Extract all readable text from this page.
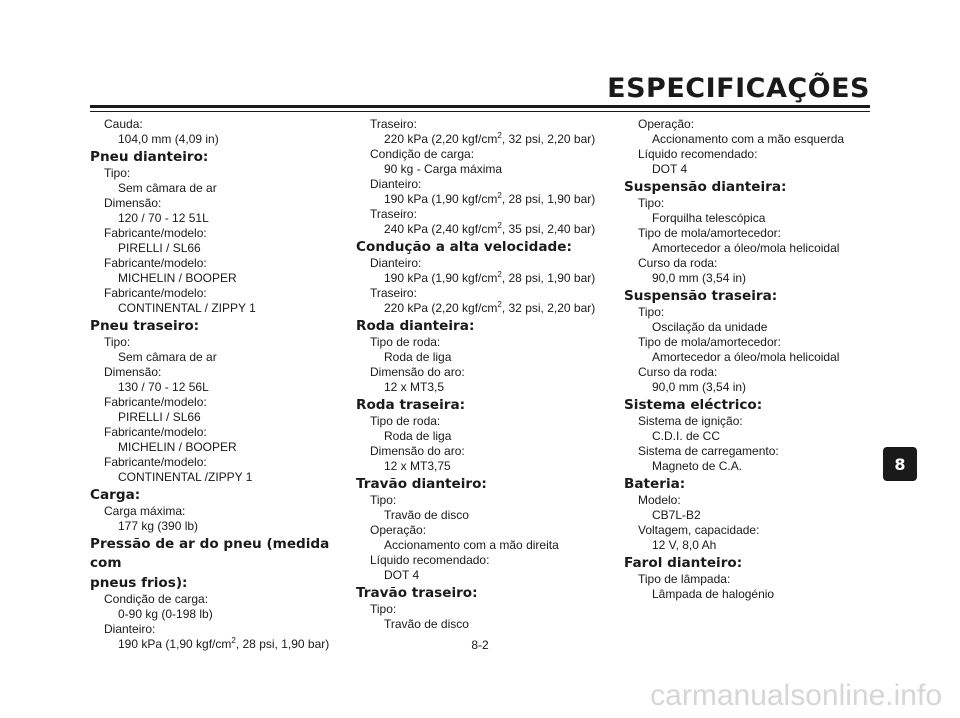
ESPECIFICAÇÕES
Cauda:
104,0 mm (4,09 in)
Pneu dianteiro:
Tipo:
Sem câmara de ar
Dimensão:
120 / 70 - 12 51L
Fabricante/modelo:
PIRELLI / SL66
Fabricante/modelo:
MICHELIN / BOOPER
Fabricante/modelo:
CONTINENTAL / ZIPPY 1
Pneu traseiro:
Tipo:
Sem câmara de ar
Dimensão:
130 / 70 - 12 56L
Fabricante/modelo:
PIRELLI / SL66
Fabricante/modelo:
MICHELIN / BOOPER
Fabricante/modelo:
CONTINENTAL /ZIPPY 1
Carga:
Carga máxima:
177 kg (390 lb)
Pressão de ar do pneu (medida com
pneus frios):
Condição de carga:
0-90 kg (0-198 lb)
Dianteiro:
190 kPa (1,90 kgf/$cm^2$, 28 psi, 1,90 bar)
Traseiro:
220 kPa (2,20 kgf/$cm^2$, 32 psi, 2,20 bar)
Condição de carga:
90 kg - Carga máxima
Dianteiro:
190 kPa (1,90 kgf/$cm^2$, 28 psi, 1,90 bar)
Traseiro:
240 kPa (2,40 kgf/$cm^2$, 35 psi, 2,40 bar)
Condução a alta velocidade:
Dianteiro:
190 kPa (1,90 kgf/$cm^2$, 28 psi, 1,90 bar)
Traseiro:
220 kPa (2,20 kgf/$cm^2$, 32 psi, 2,20 bar)
Roda dianteira:
Tipo de roda:
Roda de liga
Dimensão do aro:
12 x MT3,5
Roda traseira:
Tipo de roda:
Roda de liga
Dimensão do aro:
12 x MT3,75
Travão dianteiro:
Tipo:
Travão de disco
Operação:
Accionamento com a mão direita
Líquido recomendado:
DOT 4
Travão traseiro:
Tipo:
Travão de disco
Operação:
Accionamento com a mão esquerda
Líquido recomendado:
DOT 4
Suspensão dianteira:
Tipo:
Forquilha telescópica
Tipo de mola/amortecedor:
Amortecedor a óleo/mola helicoidal
Curso da roda:
90,0 mm (3,54 in)
Suspensão traseira:
Tipo:
Oscilação da unidade
Tipo de mola/amortecedor:
Amortecedor a óleo/mola helicoidal
Curso da roda:
90,0 mm (3,54 in)
Sistema eléctrico:
Sistema de ignição:
C.D.I. de CC
Sistema de carregamento:
Magneto de C.A.
Bateria:
Modelo:
CB7L-B2
Voltagem, capacidade:
12 V, 8,0 Ah
Farol dianteiro:
Tipo de lâmpada:
Lâmpada de halogénio
8
8-2
carmanualsonline.info
